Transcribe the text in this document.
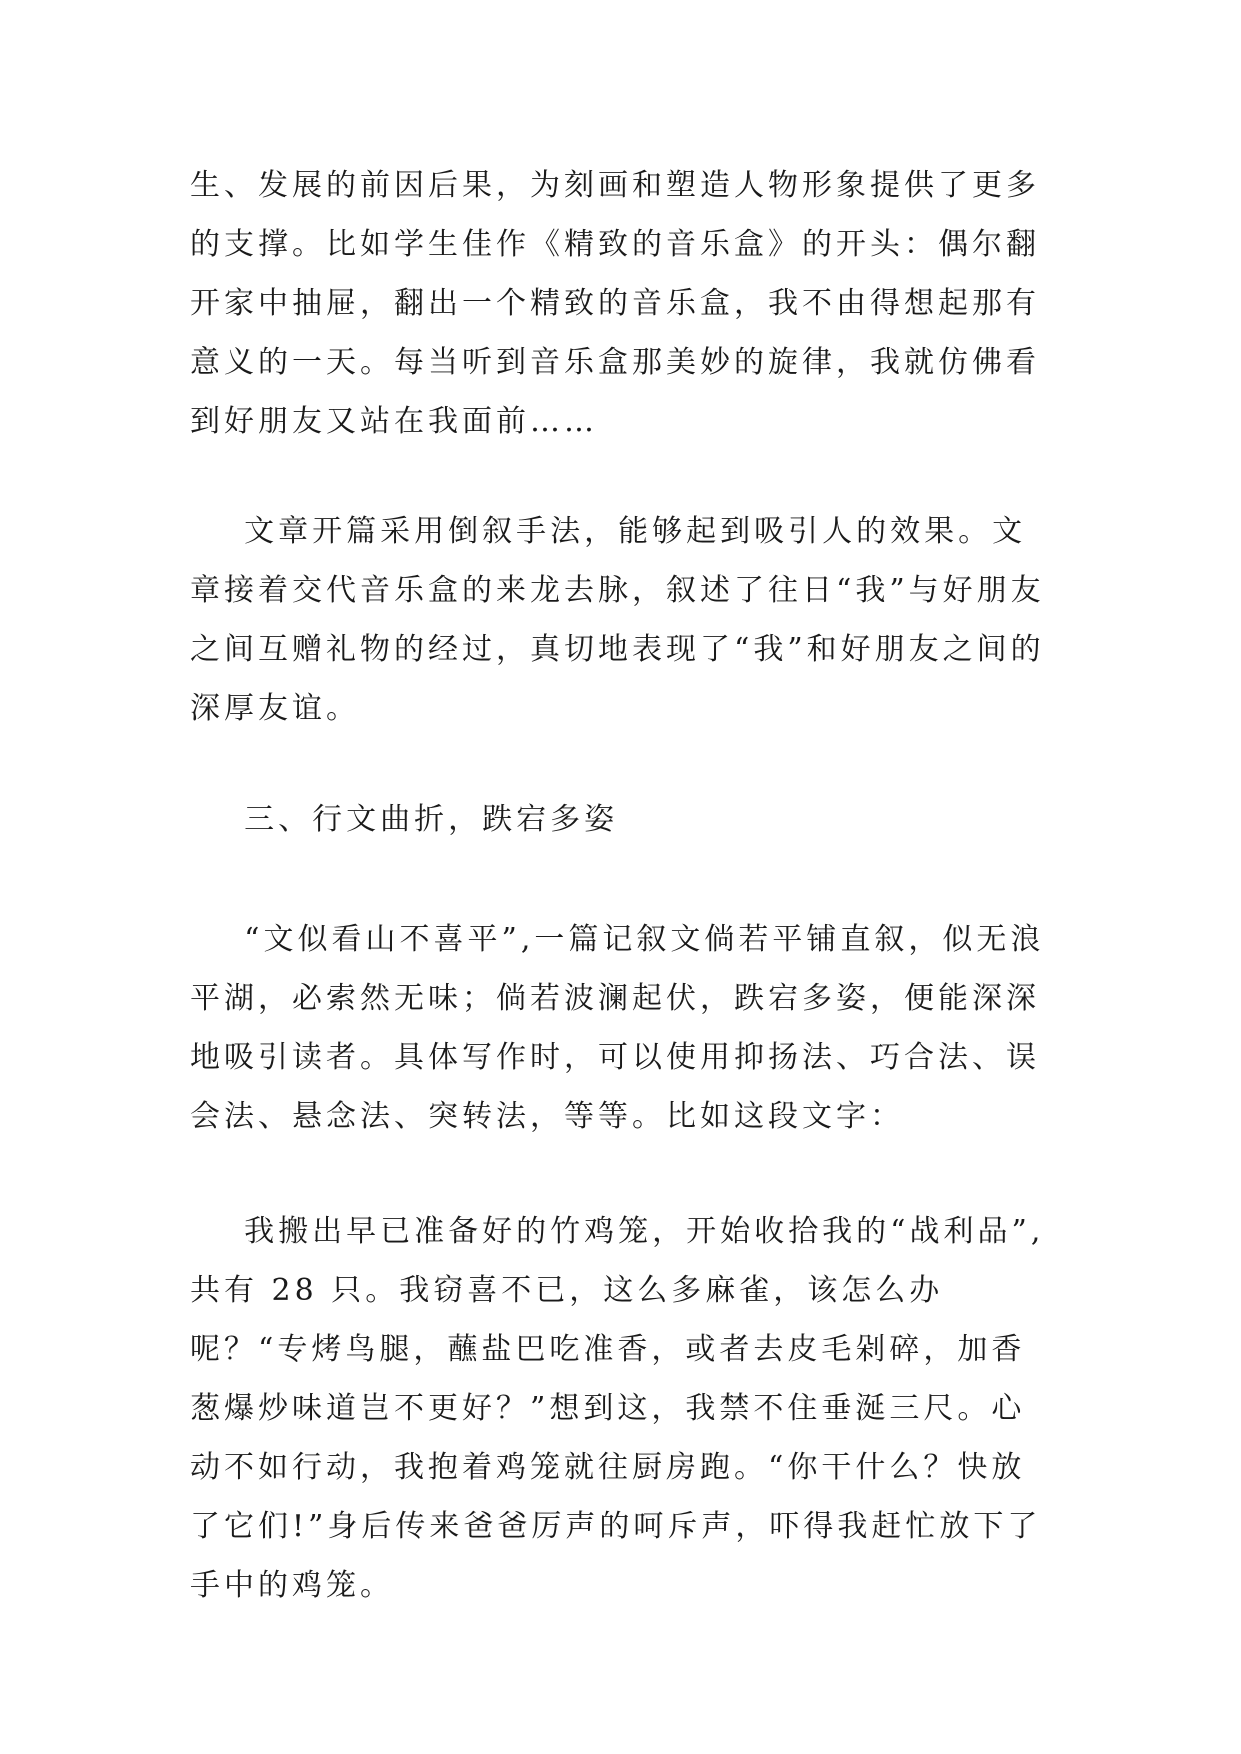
生、发展的前因后果，为刻画和塑造人物形象提供了更多的支撑。比如学生佳作《精致的音乐盒》的开头：偶尔翻开家中抽屉，翻出一个精致的音乐盒，我不由得想起那有意义的一天。每当听到音乐盒那美妙的旋律，我就仿佛看到好朋友又站在我面前……

文章开篇采用倒叙手法，能够起到吸引人的效果。文章接着交代音乐盒的来龙去脉，叙述了往日“我”与好朋友之间互赠礼物的经过，真切地表现了“我”和好朋友之间的深厚友谊。

三、行文曲折，跌宕多姿

“文似看山不喜平”,一篇记叙文倘若平铺直叙，似无浪平湖，必索然无味；倘若波澜起伏，跌宕多姿，便能深深地吸引读者。具体写作时，可以使用抑扬法、巧合法、误会法、悬念法、突转法，等等。比如这段文字：

我搬出早已准备好的竹鸡笼，开始收拾我的“战利品”,共有 28 只。我窃喜不已，这么多麻雀，该怎么办呢？“专烤鸟腿，蘸盐巴吃准香，或者去皮毛剁碎，加香葱爆炒味道岂不更好？”想到这，我禁不住垂涎三尺。心动不如行动，我抱着鸡笼就往厨房跑。“你干什么？快放了它们!”身后传来爸爸厉声的呵斥声，吓得我赶忙放下了手中的鸡笼。
